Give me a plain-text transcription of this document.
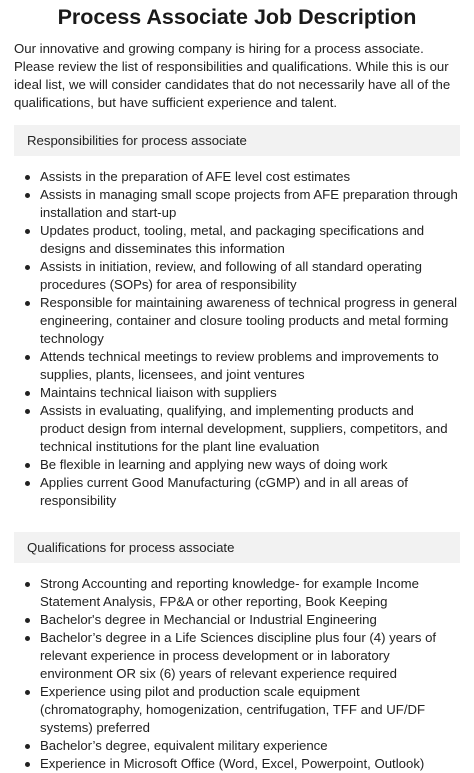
Process Associate Job Description

Our innovative and growing company is hiring for a process associate. Please review the list of responsibilities and qualifications. While this is our ideal list, we will consider candidates that do not necessarily have all of the qualifications, but have sufficient experience and talent.

Responsibilities for process associate
Assists in the preparation of AFE level cost estimates
Assists in managing small scope projects from AFE preparation through installation and start-up
Updates product, tooling, metal, and packaging specifications and designs and disseminates this information
Assists in initiation, review, and following of all standard operating procedures (SOPs) for area of responsibility
Responsible for maintaining awareness of technical progress in general engineering, container and closure tooling products and metal forming technology
Attends technical meetings to review problems and improvements to supplies, plants, licensees, and joint ventures
Maintains technical liaison with suppliers
Assists in evaluating, qualifying, and implementing products and product design from internal development, suppliers, competitors, and technical institutions for the plant line evaluation
Be flexible in learning and applying new ways of doing work
Applies current Good Manufacturing (cGMP) and in all areas of responsibility
Qualifications for process associate
Strong Accounting and reporting knowledge- for example Income Statement Analysis, FP&A or other reporting, Book Keeping
Bachelor's degree in Mechancial or Industrial Engineering
Bachelor’s degree in a Life Sciences discipline plus four (4) years of relevant experience in process development or in laboratory environment OR six (6) years of relevant experience required
Experience using pilot and production scale equipment (chromatography, homogenization, centrifugation, TFF and UF/DF systems) preferred
Bachelor’s degree, equivalent military experience
Experience in Microsoft Office (Word, Excel, Powerpoint, Outlook)
